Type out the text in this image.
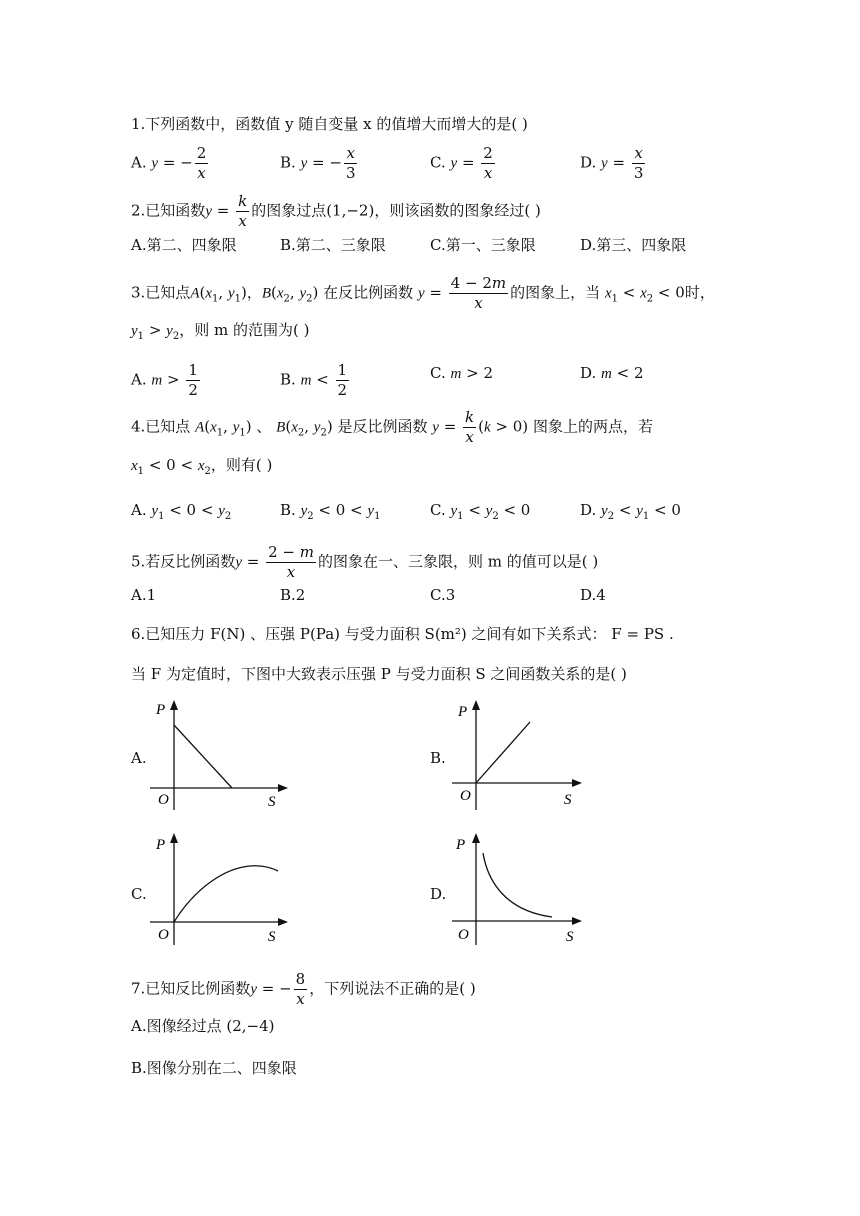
1.下列函数中，函数值 y 随自变量 x 的值增大而增大的是( )
A. y = − $\frac{2}{x}$	B. y = − $\frac{x}{3}$	C. $y = \frac{2}{x}$	D. $y = \frac{x}{3}$
2.已知函数$y = \frac{k}{x}$ 的图象过点(1,−2)，则该函数的图象经过( )
A.第二、四象限	B.第二、三象限	C.第一、三象限	D.第三、四象限
3.已知点$A(x_1$, $y_1$)，$B(x_2$, $y_2$) 在反比例函数 $y = \frac{4 - 2m}{x}$ 的图象上，当 $x_1 < x_2 < 0$时，
$y_1 > y_2$，则 m 的范围为( )
A. $m > \frac{1}{2}$	B. $m < \frac{1}{2}$	C. m > 2	D. m < 2
4.已知点 $A(x_1$, $y_1$) 、 $B(x_2$, $y_2$) 是反比例函数 $y = \frac{k}{x} (k > 0)$ 图象上的两点，若
$x_1 < 0 < x_2$，则有( )
A. $y_1 < 0 < y_2$	B. $y_2 < 0 < y_1$	C. $y_1 < y_2 < 0$	D. $y_2 < y_1 < 0$
5.若反比例函数$y = \frac{2 - m}{x}$ 的图象在一、三象限，则 m 的值可以是( )
A.1	B.2	C.3	D.4
6.已知压力 F(N) 、压强 P(Pa) 与受力面积 S(m²) 之间有如下关系式： F = PS .
当 F 为定值时，下图中大致表示压强 P 与受力面积 S 之间函数关系的是( )
A.
P
S
O
B.
P
S
O
C.
P
S
O
D.
P
S
O
7.已知反比例函数y = − $\frac{8}{x}$ ，下列说法不正确的是( )
A.图像经过点 (2,−4)
B.图像分别在二、四象限
